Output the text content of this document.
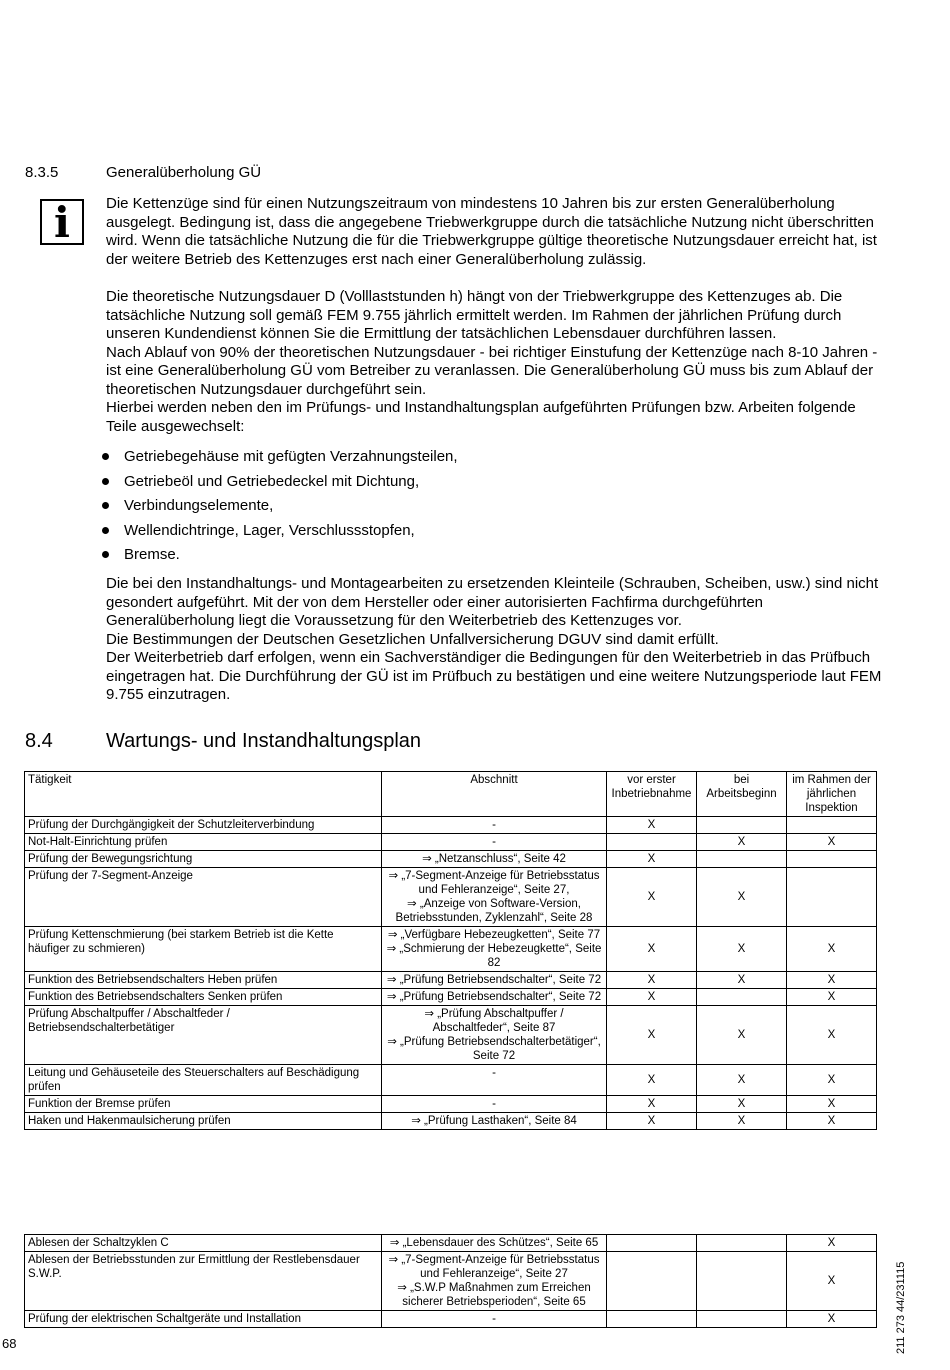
8.3.5	Generalüberholung GÜ
i	Die Kettenzüge sind für einen Nutzungszeitraum von mindestens 10 Jahren bis zur ersten Generalüberholung ausgelegt. Bedingung ist, dass die angegebene Triebwerkgruppe durch die tatsächliche Nutzung nicht überschritten wird. Wenn die tatsächliche Nutzung die für die Triebwerkgruppe gültige theoretische Nutzungsdauer erreicht hat, ist der weitere Betrieb des Kettenzuges erst nach einer Generalüberholung zulässig.

Die theoretische Nutzungsdauer D (Volllaststunden h) hängt von der Triebwerkgruppe des Kettenzuges ab. Die tatsächliche Nutzung soll gemäß FEM 9.755 jährlich ermittelt werden. Im Rahmen der jährlichen Prüfung durch unseren Kundendienst können Sie die Ermittlung der tatsächlichen Lebensdauer durchführen lassen.

Nach Ablauf von 90% der theoretischen Nutzungsdauer - bei richtiger Einstufung der Kettenzüge nach 8-10 Jahren - ist eine Generalüberholung GÜ vom Betreiber zu veranlassen. Die Generalüberholung GÜ muss bis zum Ablauf der theoretischen Nutzungsdauer durchgeführt sein.

Hierbei werden neben den im Prüfungs- und Instandhaltungsplan aufgeführten Prüfungen bzw. Arbeiten folgende Teile ausgewechselt:

Getriebegehäuse mit gefügten Verzahnungsteilen,
Getriebeöl und Getriebedeckel mit Dichtung,
Verbindungselemente,
Wellendichtringe, Lager, Verschlussstopfen,
Bremse.

Die bei den Instandhaltungs- und Montagearbeiten zu ersetzenden Kleinteile (Schrauben, Scheiben, usw.) sind nicht gesondert aufgeführt. Mit der von dem Hersteller oder einer autorisierten Fachfirma durchgeführten Generalüberholung liegt die Voraussetzung für den Weiterbetrieb des Kettenzuges vor.

Die Bestimmungen der Deutschen Gesetzlichen Unfallversicherung DGUV sind damit erfüllt.

Der Weiterbetrieb darf erfolgen, wenn ein Sachverständiger die Bedingungen für den Weiterbetrieb in das Prüfbuch eingetragen hat. Die Durchführung der GÜ ist im Prüfbuch zu bestätigen und eine weitere Nutzungsperiode laut FEM 9.755 einzutragen.

8.4	Wartungs- und Instandhaltungsplan
Tätigkeit	Abschnitt	vor erster Inbetriebnahme	bei Arbeitsbeginn	im Rahmen der jährlichen Inspektion
Prüfung der Durchgängigkeit der Schutzleiterverbindung	-	X		
Not-Halt-Einrichtung prüfen	-		X	X
Prüfung der Bewegungsrichtung	⇒ „Netzanschluss“, Seite 42	X		
Prüfung der 7-Segment-Anzeige	⇒ „7-Segment-Anzeige für Betriebsstatus und Fehleranzeige“, Seite 27,
⇒ „Anzeige von Software-Version, Betriebsstunden, Zyklenzahl“, Seite 28	X	X	
Prüfung Kettenschmierung (bei starkem Betrieb ist die Kette häufiger zu schmieren)	⇒ „Verfügbare Hebezeugketten“, Seite 77
⇒ „Schmierung der Hebezeugkette“, Seite 82	X	X	X
Funktion des Betriebsendschalters Heben prüfen	⇒ „Prüfung Betriebsendschalter“, Seite 72	X	X	X
Funktion des Betriebsendschalters Senken prüfen	⇒ „Prüfung Betriebsendschalter“, Seite 72	X		X
Prüfung Abschaltpuffer / Abschaltfeder / Betriebsendschalterbetätiger	⇒ „Prüfung Abschaltpuffer / Abschaltfeder“, Seite 87
⇒ „Prüfung Betriebsendschalterbetätiger“, Seite 72	X	X	X
Leitung und Gehäuseteile des Steuerschalters auf Beschädigung prüfen	-	X	X	X
Funktion der Bremse prüfen	-	X	X	X
Haken und Hakenmaulsicherung prüfen	⇒ „Prüfung Lasthaken“, Seite 84	X	X	X
Ablesen der Schaltzyklen C	⇒ „Lebensdauer des Schützes“, Seite 65			X
Ablesen der Betriebsstunden zur Ermittlung der Restlebensdauer S.W.P.	⇒ „7-Segment-Anzeige für Betriebsstatus und Fehleranzeige“, Seite 27
⇒ „S.W.P Maßnahmen zum Erreichen sicherer Betriebsperioden“, Seite 65			X
Prüfung der elektrischen Schaltgeräte und Installation	-			X
68	211 273 44/231115
